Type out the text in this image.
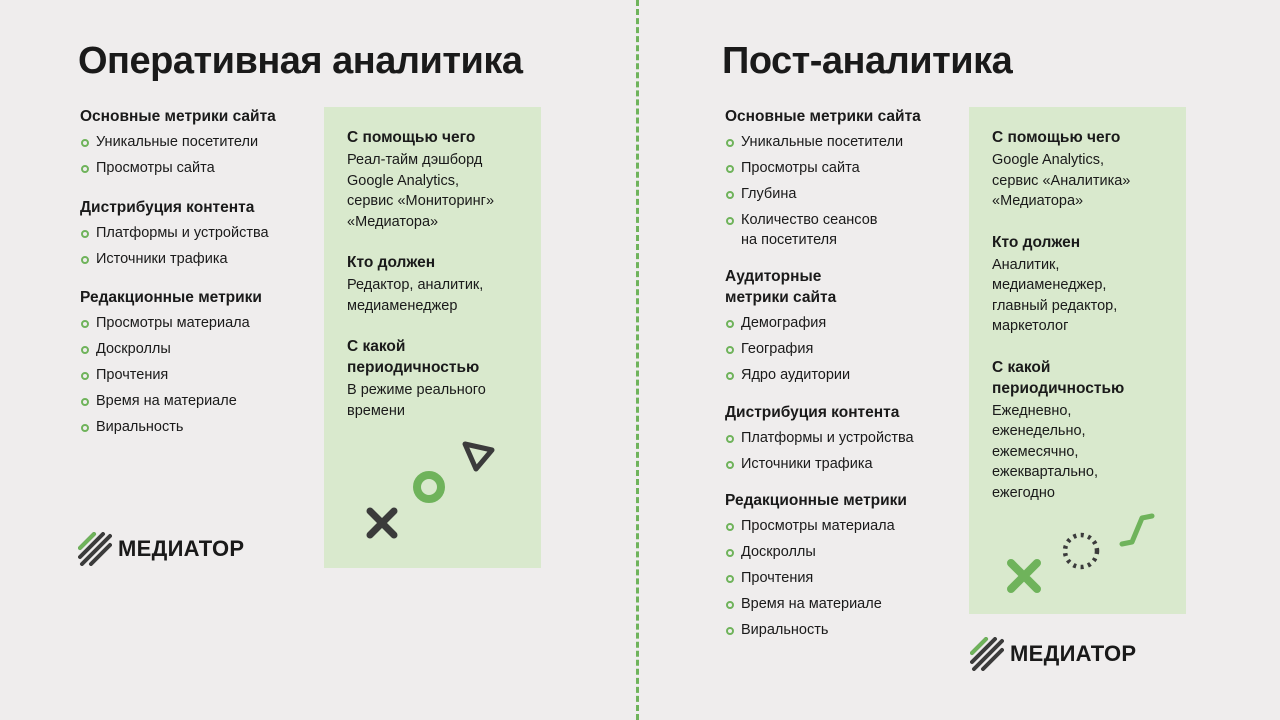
Оперативная аналитика
Основные метрики сайта
Уникальные посетители
Просмотры сайта
Дистрибуция контента
Платформы и устройства
Источники трафика
Редакционные метрики
Просмотры материала
Доскроллы
Прочтения
Время на материале
Виральность
С помощью чего

Реал-тайм дэшборд
Google Analytics,
сервис «Мониторинг»
«Медиатора»

Кто должен

Редактор, аналитик,
медиаменеджер

С какой
периодичностью

В режиме реального
времени

МЕДИАТОР
Пост-аналитика
Основные метрики сайта
Уникальные посетители
Просмотры сайта
Глубина
Количество сеансов
на посетителя
Аудиторные
метрики сайта
Демография
География
Ядро аудитории
Дистрибуция контента
Платформы и устройства
Источники трафика
Редакционные метрики
Просмотры материала
Доскроллы
Прочтения
Время на материале
Виральность
С помощью чего

Google Analytics,
сервис «Аналитика»
«Медиатора»

Кто должен

Аналитик,
медиаменеджер,
главный редактор,
маркетолог

С какой
периодичностью

Ежедневно,
еженедельно,
ежемесячно,
ежеквартально,
ежегодно

МЕДИАТОР
